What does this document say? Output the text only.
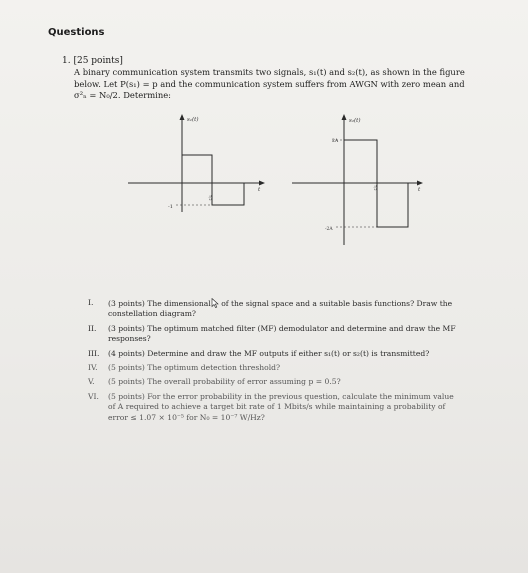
Questions
1. [25 points]
A binary communication system transmits two signals, s₁(t) and s₂(t), as shown in the figure
below. Let P(s₁) = p and the communication system suffers from AWGN with zero mean and
σ²ₙ = N₀/2. Determine:
s₁(t)
t
-1
T/2
s₂(t)
t
2A
-2A
T/2
I. (3 points) The dimensional of the signal space and a suitable basis functions? Draw the
constellation diagram?
II. (3 points) The optimum matched filter (MF) demodulator and determine and draw the MF
responses?
III. (4 points) Determine and draw the MF outputs if either s₁(t) or s₂(t) is transmitted?
IV. (5 points) The optimum detection threshold?
V. (5 points) The overall probability of error assuming p = 0.5?
VI. (5 points) For the error probability in the previous question, calculate the minimum value
of A required to achieve a target bit rate of 1 Mbits/s while maintaining a probability of
error ≤ 1.07 × 10⁻⁵ for N₀ = 10⁻⁷ W/Hz?
